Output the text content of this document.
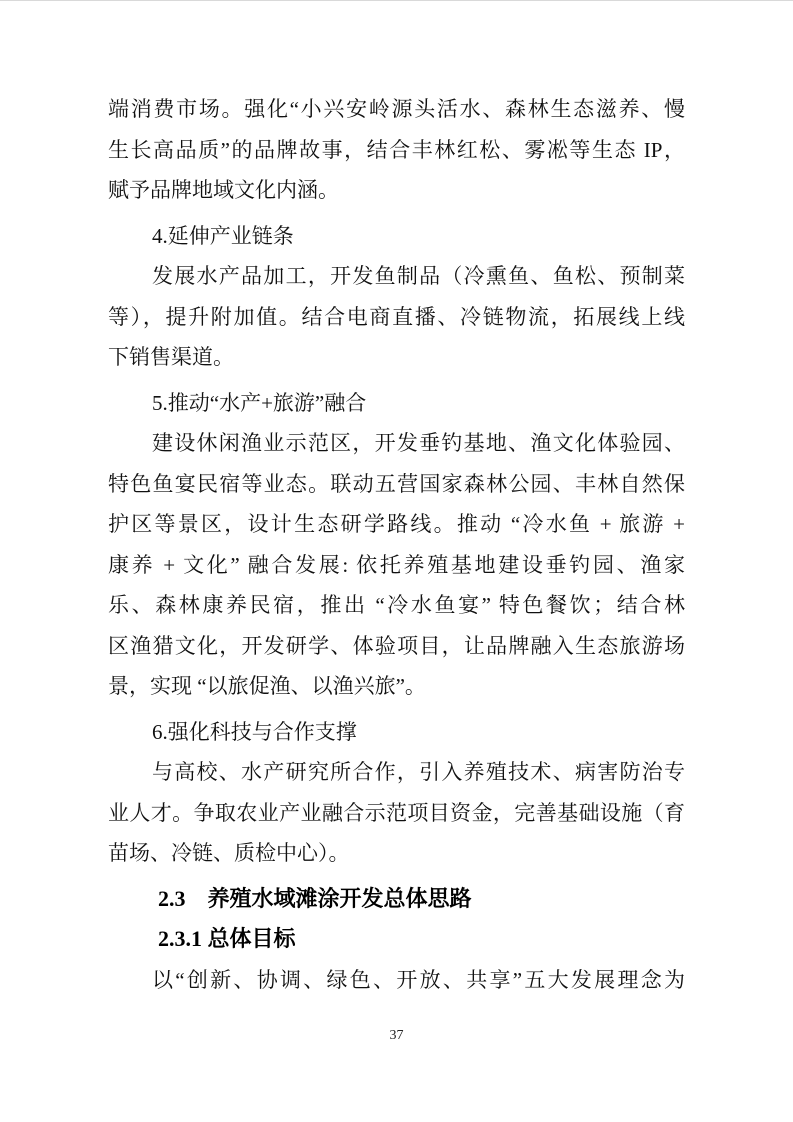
端消费市场。强化“小兴安岭源头活水、森林生态滋养、慢
生长高品质”的品牌故事，结合丰林红松、雾凇等生态 IP，
赋予品牌地域文化内涵。
4.延伸产业链条
发展水产品加工，开发鱼制品（冷熏鱼、鱼松、预制菜
等），提升附加值。结合电商直播、冷链物流，拓展线上线
下销售渠道。
5.推动“水产+旅游”融合
建设休闲渔业示范区，开发垂钓基地、渔文化体验园、
特色鱼宴民宿等业态。联动五营国家森林公园、丰林自然保
护区等景区，设计生态研学路线。推动 “冷水鱼 + 旅游 +
康养 + 文化” 融合发展: 依托养殖基地建设垂钓园、渔家
乐、森林康养民宿，推出 “冷水鱼宴” 特色餐饮；结合林
区渔猎文化，开发研学、体验项目，让品牌融入生态旅游场
景，实现 “以旅促渔、以渔兴旅”。
6.强化科技与合作支撑
与高校、水产研究所合作，引入养殖技术、病害防治专
业人才。争取农业产业融合示范项目资金，完善基础设施（育
苗场、冷链、质检中心）。
2.3　养殖水域滩涂开发总体思路
2.3.1 总体目标
以“创新、协调、绿色、开放、共享”五大发展理念为
37
